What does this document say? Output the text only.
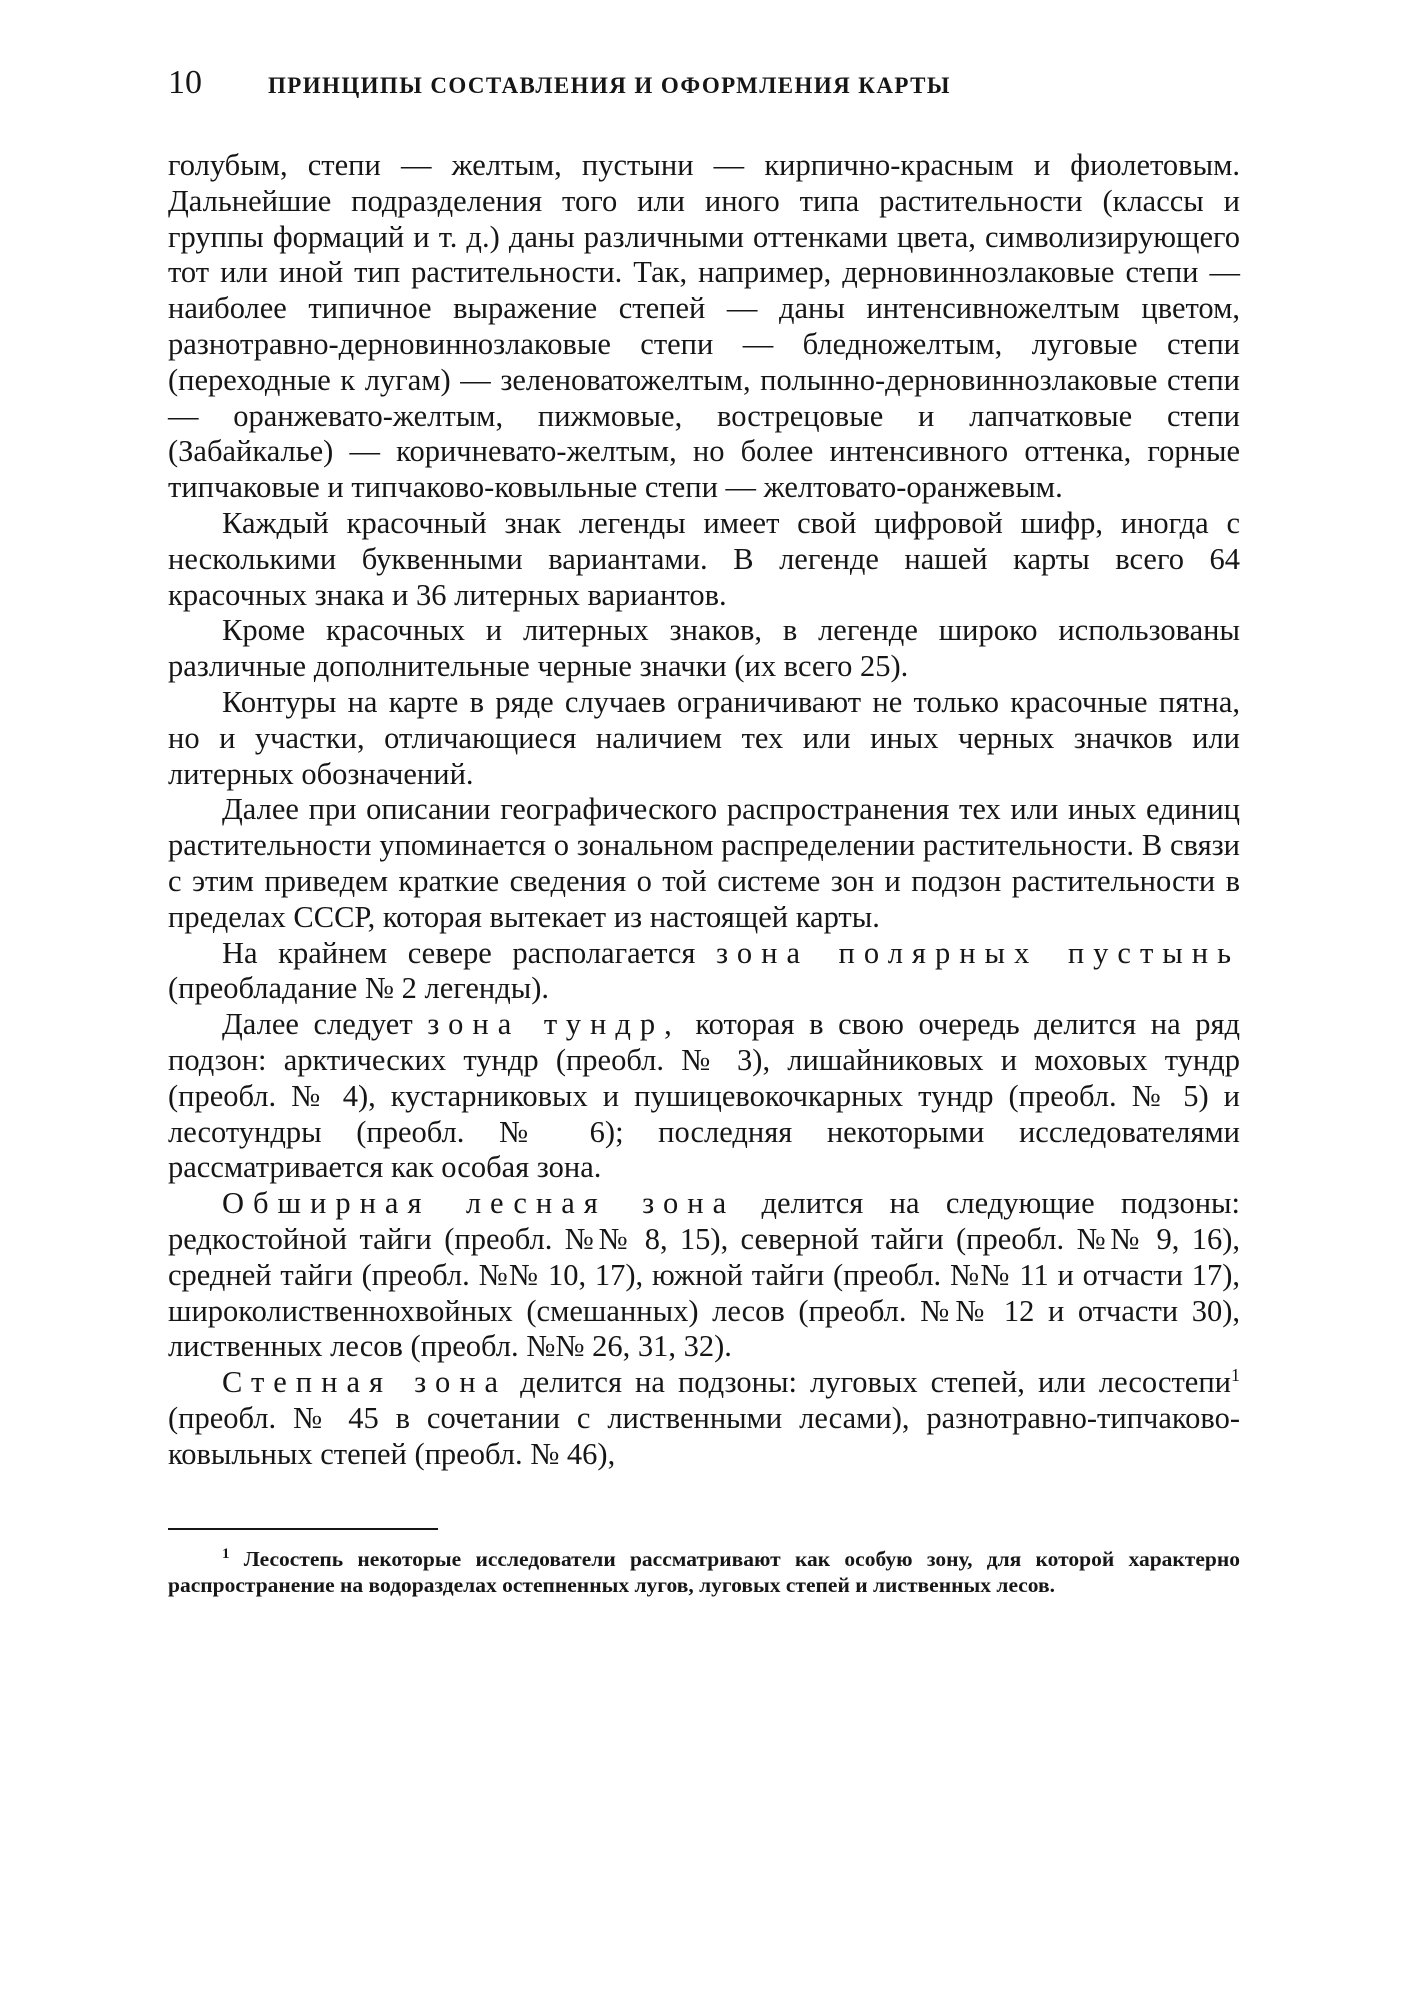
10	ПРИНЦИПЫ СОСТАВЛЕНИЯ И ОФОРМЛЕНИЯ КАРТЫ

голубым, степи — желтым, пустыни — кирпично-красным и фиолетовым. Дальнейшие подразделения того или иного типа растительности (классы и группы формаций и т. д.) даны различными оттенками цвета, символизирующего тот или иной тип растительности. Так, например, дерновиннозлаковые степи — наиболее типичное выражение степей — даны интенсивножелтым цветом, разнотравно-дерновиннозлаковые степи — бледножелтым, луговые степи (переходные к лугам) — зеленоватожелтым, полынно-дерновиннозлаковые степи — оранжевато-желтым, пижмовые, вострецовые и лапчатковые степи (Забайкалье) — коричневато-желтым, но более интенсивного оттенка, горные типчаковые и типчаково-ковыльные степи — желтовато-оранжевым.

Каждый красочный знак легенды имеет свой цифровой шифр, иногда с несколькими буквенными вариантами. В легенде нашей карты всего 64 красочных знака и 36 литерных вариантов.

Кроме красочных и литерных знаков, в легенде широко использованы различные дополнительные черные значки (их всего 25).

Контуры на карте в ряде случаев ограничивают не только красочные пятна, но и участки, отличающиеся наличием тех или иных черных значков или литерных обозначений.

Далее при описании географического распространения тех или иных единиц растительности упоминается о зональном распределении растительности. В связи с этим приведем краткие сведения о той системе зон и подзон растительности в пределах СССР, которая вытекает из настоящей карты.

На крайнем севере располагается зона полярных пустынь (преобладание № 2 легенды).

Далее следует зона тундр, которая в свою очередь делится на ряд подзон: арктических тундр (преобл. № 3), лишайниковых и моховых тундр (преобл. № 4), кустарниковых и пушицевокочкарных тундр (преобл. № 5) и лесотундры (преобл. № 6); последняя некоторыми исследователями рассматривается как особая зона.

Обширная лесная зона делится на следующие подзоны: редкостойной тайги (преобл. №№ 8, 15), северной тайги (преобл. №№ 9, 16), средней тайги (преобл. №№ 10, 17), южной тайги (преобл. №№ 11 и отчасти 17), широколиственнохвойных (смешанных) лесов (преобл. №№ 12 и отчасти 30), лиственных лесов (преобл. №№ 26, 31, 32).

Степная зона делится на подзоны: луговых степей, или лесостепи$^1$ (преобл. № 45 в сочетании с лиственными лесами), разнотравно-типчаково-ковыльных степей (преобл. № 46),

$^1$ Лесостепь некоторые исследователи рассматривают как особую зону, для которой характерно распространение на водоразделах остепненных лугов, луговых степей и лиственных лесов.
